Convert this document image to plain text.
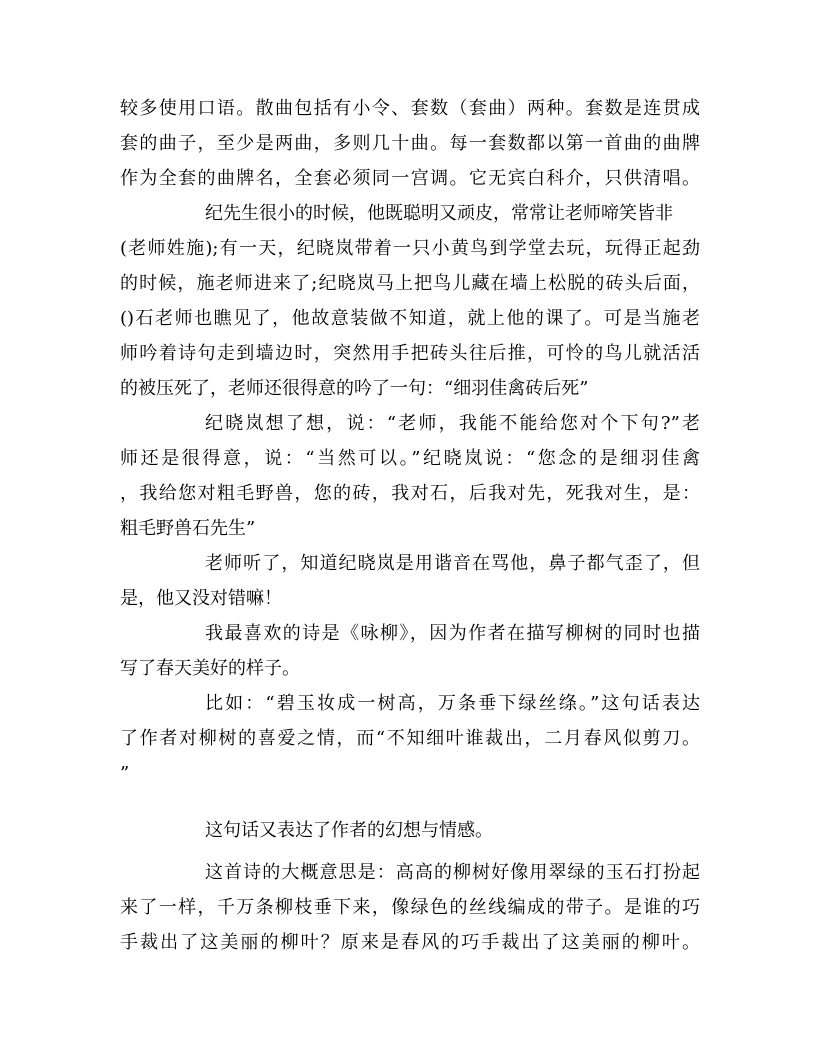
较多使用口语。散曲包括有小令、套数（套曲）两种。套数是连贯成
套的曲子，至少是两曲，多则几十曲。每一套数都以第一首曲的曲牌
作为全套的曲牌名，全套必须同一宫调。它无宾白科介，只供清唱。
纪先生很小的时候，他既聪明又顽皮，常常让老师啼笑皆非
(老师姓施);有一天，纪晓岚带着一只小黄鸟到学堂去玩，玩得正起劲
的时候，施老师进来了;纪晓岚马上把鸟儿藏在墙上松脱的砖头后面，
()石老师也瞧见了，他故意装做不知道，就上他的课了。可是当施老
师吟着诗句走到墙边时，突然用手把砖头往后推，可怜的鸟儿就活活
的被压死了，老师还很得意的吟了一句：“细羽佳禽砖后死”
纪晓岚想了想，说：“老师，我能不能给您对个下句?”老
师还是很得意，说：“当然可以。”纪晓岚说：“您念的是细羽佳禽
，我给您对粗毛野兽，您的砖，我对石，后我对先，死我对生，是：
粗毛野兽石先生”
老师听了，知道纪晓岚是用谐音在骂他，鼻子都气歪了，但
是，他又没对错嘛！
我最喜欢的诗是《咏柳》，因为作者在描写柳树的同时也描
写了春天美好的样子。
比如：“碧玉妆成一树高，万条垂下绿丝绦。”这句话表达
了作者对柳树的喜爱之情，而“不知细叶谁裁出，二月春风似剪刀。
”
这句话又表达了作者的幻想与情感。
这首诗的大概意思是：高高的柳树好像用翠绿的玉石打扮起
来了一样，千万条柳枝垂下来，像绿色的丝线编成的带子。是谁的巧
手裁出了这美丽的柳叶？原来是春风的巧手裁出了这美丽的柳叶。
